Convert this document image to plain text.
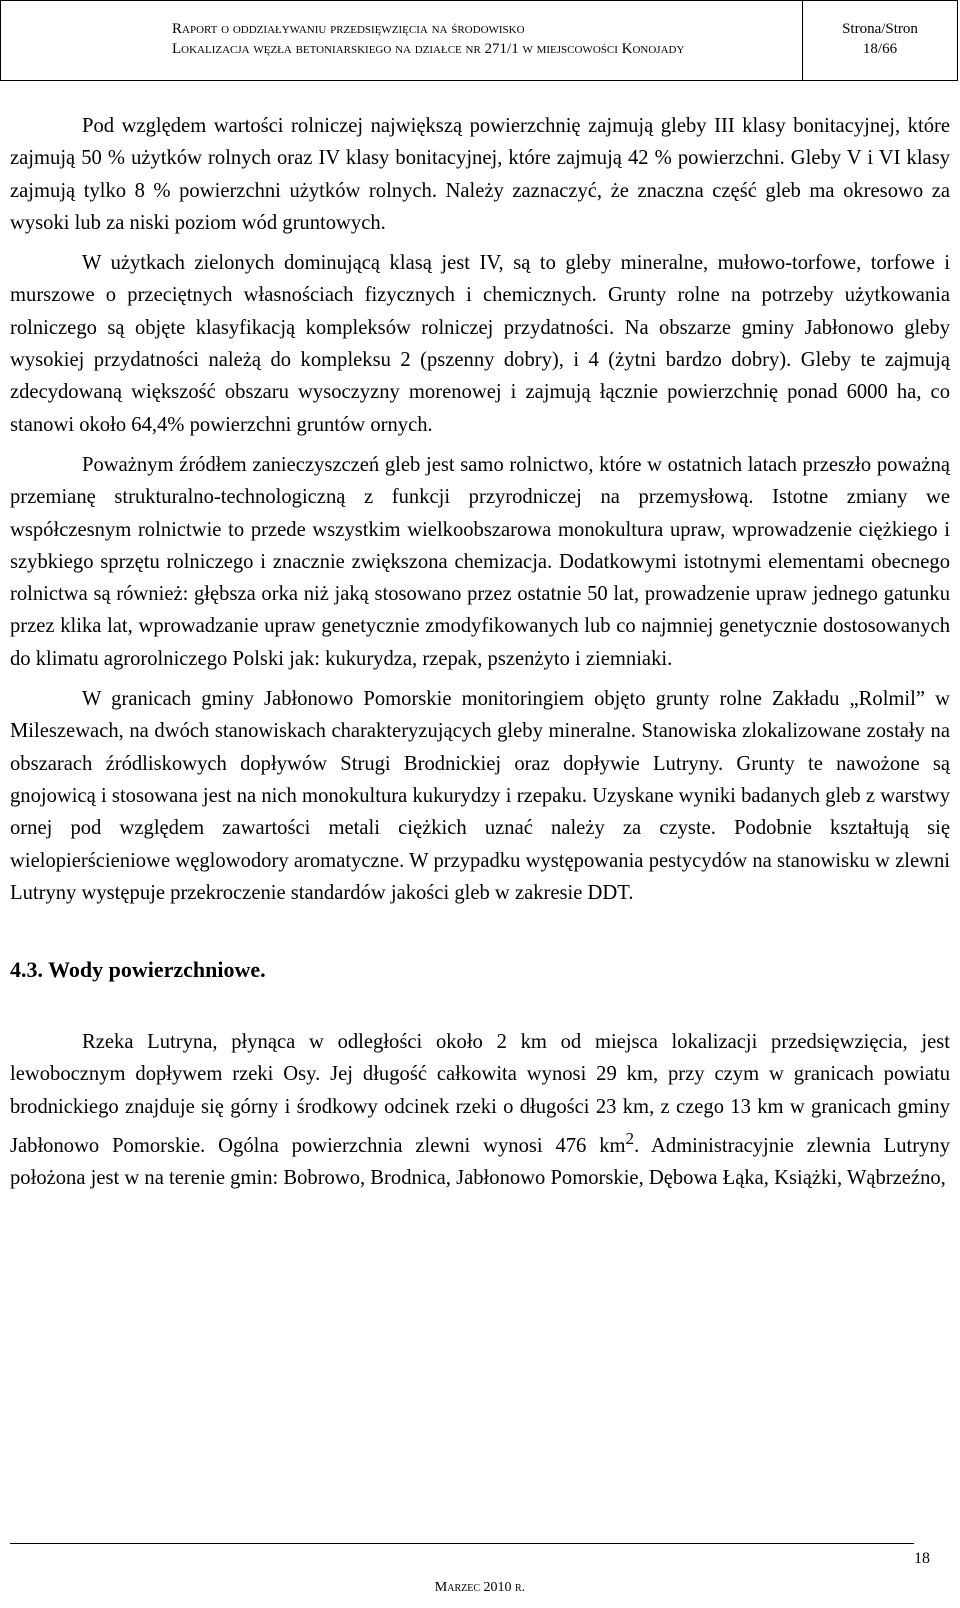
Raport o oddziaływaniu przedsięwzięcia na środowisko
Lokalizacja węzła betoniarskiego na działce nr 271/1 w miejscowości Konojady
Strona/Stron
18/66

Pod względem wartości rolniczej największą powierzchnię zajmują gleby III klasy bonitacyjnej, które zajmują 50 % użytków rolnych oraz IV klasy bonitacyjnej, które zajmują 42 % powierzchni. Gleby V i VI klasy zajmują tylko 8 % powierzchni użytków rolnych. Należy zaznaczyć, że znaczna część gleb ma okresowo za wysoki lub za niski poziom wód gruntowych.

W użytkach zielonych dominującą klasą jest IV, są to gleby mineralne, mułowo-torfowe, torfowe i murszowe o przeciętnych własnościach fizycznych i chemicznych. Grunty rolne na potrzeby użytkowania rolniczego są objęte klasyfikacją kompleksów rolniczej przydatności. Na obszarze gminy Jabłonowo gleby wysokiej przydatności należą do kompleksu 2 (pszenny dobry), i 4 (żytni bardzo dobry). Gleby te zajmują zdecydowaną większość obszaru wysoczyzny morenowej i zajmują łącznie powierzchnię ponad 6000 ha, co stanowi około 64,4% powierzchni gruntów ornych.

Poważnym źródłem zanieczyszczeń gleb jest samo rolnictwo, które w ostatnich latach przeszło poważną przemianę strukturalno-technologiczną z funkcji przyrodniczej na przemysłową. Istotne zmiany we współczesnym rolnictwie to przede wszystkim wielkoobszarowa monokultura upraw, wprowadzenie ciężkiego i szybkiego sprzętu rolniczego i znacznie zwiększona chemizacja. Dodatkowymi istotnymi elementami obecnego rolnictwa są również: głębsza orka niż jaką stosowano przez ostatnie 50 lat, prowadzenie upraw jednego gatunku przez klika lat, wprowadzanie upraw genetycznie zmodyfikowanych lub co najmniej genetycznie dostosowanych do klimatu agrorolniczego Polski jak: kukurydza, rzepak, pszenżyto i ziemniaki.

W granicach gminy Jabłonowo Pomorskie monitoringiem objęto grunty rolne Zakładu „Rolmil” w Mileszewach, na dwóch stanowiskach charakteryzujących gleby mineralne. Stanowiska zlokalizowane zostały na obszarach źródliskowych dopływów Strugi Brodnickiej oraz dopływie Lutryny. Grunty te nawożone są gnojowicą i stosowana jest na nich monokultura kukurydzy i rzepaku. Uzyskane wyniki badanych gleb z warstwy ornej pod względem zawartości metali ciężkich uznać należy za czyste. Podobnie kształtują się wielopierścieniowe węglowodory aromatyczne. W przypadku występowania pestycydów na stanowisku w zlewni Lutryny występuje przekroczenie standardów jakości gleb w zakresie DDT.

4.3. Wody powierzchniowe.

Rzeka Lutryna, płynąca w odległości około 2 km od miejsca lokalizacji przedsięwzięcia, jest lewobocznym dopływem rzeki Osy. Jej długość całkowita wynosi 29 km, przy czym w granicach powiatu brodnickiego znajduje się górny i środkowy odcinek rzeki o długości 23 km, z czego 13 km w granicach gminy Jabłonowo Pomorskie. Ogólna powierzchnia zlewni wynosi 476 $km^2$. Administracyjnie zlewnia Lutryny położona jest w na terenie gmin: Bobrowo, Brodnica, Jabłonowo Pomorskie, Dębowa Łąka, Książki, Wąbrzeźno,

18
Marzec 2010 r.
